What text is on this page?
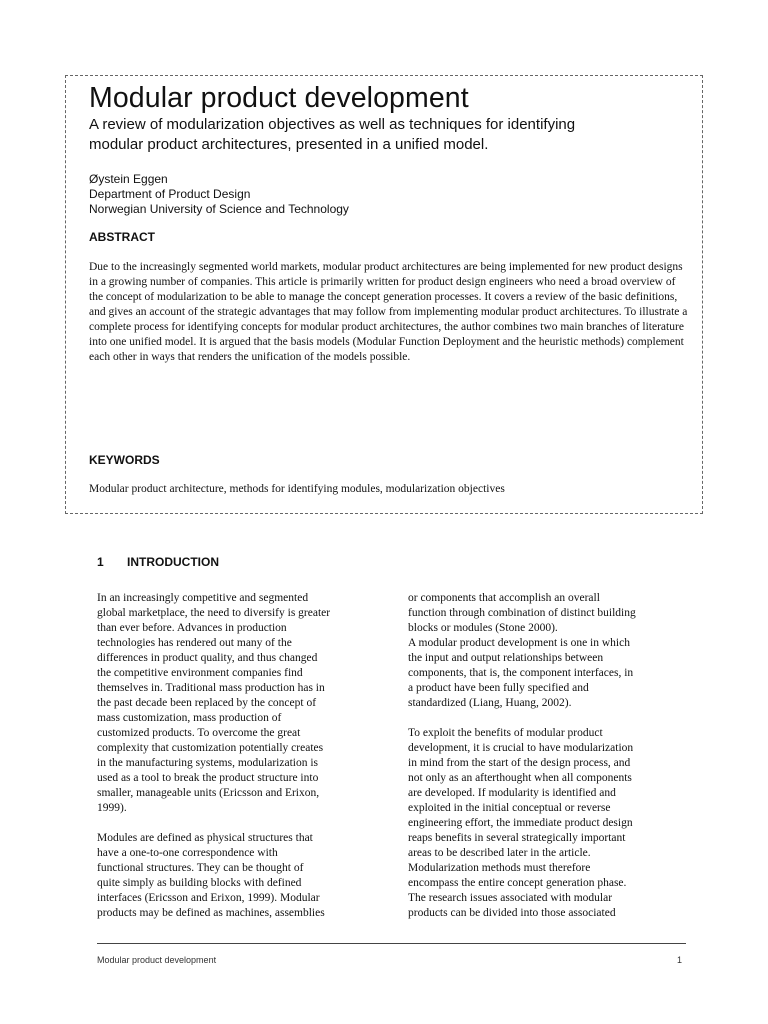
Modular product development

A review of modularization objectives as well as techniques for identifying
modular product architectures, presented in a unified model.

Øystein Eggen
Department of Product Design
Norwegian University of Science and Technology
ABSTRACT
Due to the increasingly segmented world markets, modular product architectures are being implemented for new product designs in a growing number of companies. This article is primarily written for product design engineers who need a broad overview of the concept of modularization to be able to manage the concept generation processes. It covers a review of the basic definitions, and gives an account of the strategic advantages that may follow from implementing modular product architectures. To illustrate a complete process for identifying concepts for modular product architectures, the author combines two main branches of literature into one unified model. It is argued that the basis models (Modular Function Deployment and the heuristic methods) complement each other in ways that renders the unification of the models possible.
KEYWORDS
Modular product architecture, methods for identifying modules, modularization objectives
1 INTRODUCTION
In an increasingly competitive and segmented
global marketplace, the need to diversify is greater
than ever before. Advances in production
technologies has rendered out many of the
differences in product quality, and thus changed
the competitive environment companies find
themselves in. Traditional mass production has in
the past decade been replaced by the concept of
mass customization, mass production of
customized products. To overcome the great
complexity that customization potentially creates
in the manufacturing systems, modularization is
used as a tool to break the product structure into
smaller, manageable units (Ericsson and Erixon,
1999).
Modules are defined as physical structures that
have a one-to-one correspondence with
functional structures. They can be thought of
quite simply as building blocks with defined
interfaces (Ericsson and Erixon, 1999). Modular
products may be defined as machines, assemblies
or components that accomplish an overall
function through combination of distinct building
blocks or modules (Stone 2000).
A modular product development is one in which
the input and output relationships between
components, that is, the component interfaces, in
a product have been fully specified and
standardized (Liang, Huang, 2002).
To exploit the benefits of modular product
development, it is crucial to have modularization
in mind from the start of the design process, and
not only as an afterthought when all components
are developed. If modularity is identified and
exploited in the initial conceptual or reverse
engineering effort, the immediate product design
reaps benefits in several strategically important
areas to be described later in the article.
Modularization methods must therefore
encompass the entire concept generation phase.
The research issues associated with modular
products can be divided into those associated
Modular product development	1
